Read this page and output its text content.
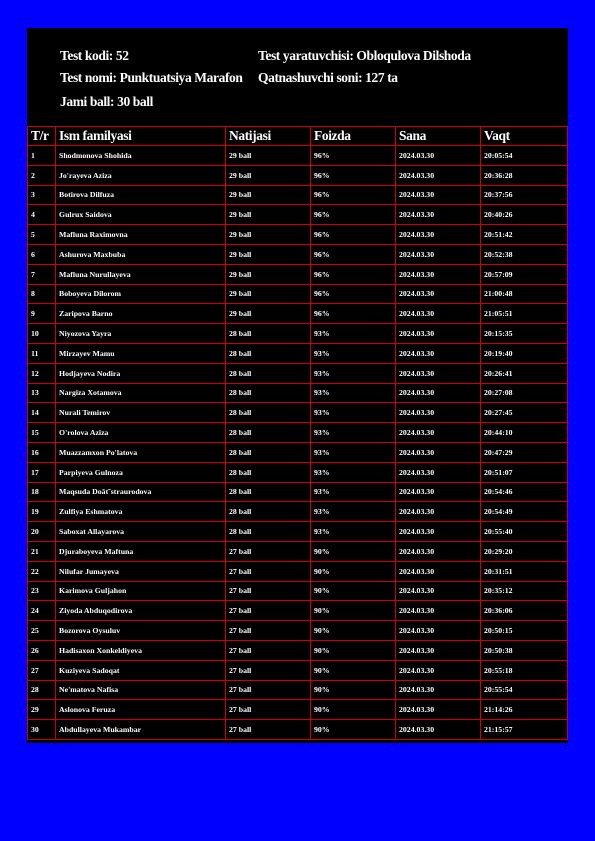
Test kodi: 52
Test nomi: Punktuatsiya Marafon
Jami ball: 30 ball
Test yaratuvchisi: Obloqulova Dilshoda
Qatnashuvchi soni: 127 ta
T/r	Ism familyasi	Natijasi	Foizda	Sana	Vaqt
1	Shodmonova Shohida	29 ball	96%	2024.03.30	20:05:54
2	Jo'rayeva Aziza	29 ball	96%	2024.03.30	20:36:28
3	Botirova Dilfuza	29 ball	96%	2024.03.30	20:37:56
4	Gulrux Saidova	29 ball	96%	2024.03.30	20:40:26
5	Mafluna Raximovna	29 ball	96%	2024.03.30	20:51:42
6	Ashurova Maxbuba	29 ball	96%	2024.03.30	20:52:38
7	Mafluna Nurullayeva	29 ball	96%	2024.03.30	20:57:09
8	Boboyeva Dilorom	29 ball	96%	2024.03.30	21:00:48
9	Zaripova Barno	29 ball	96%	2024.03.30	21:05:51
10	Niyozova Yayra	28 ball	93%	2024.03.30	20:15:35
11	Mirzayev Mamu	28 ball	93%	2024.03.30	20:19:40
12	Hodjayeva Nodira	28 ball	93%	2024.03.30	20:26:41
13	Nargiza Xotamova	28 ball	93%	2024.03.30	20:27:08
14	Nurali Temirov	28 ball	93%	2024.03.30	20:27:45
15	O'rolova Aziza	28 ball	93%	2024.03.30	20:44:10
16	Muazzamxon Po'latova	28 ball	93%	2024.03.30	20:47:29
17	Parpiyeva Gulnoza	28 ball	93%	2024.03.30	20:51:07
18	Maqsuda Doãt˜straurodova	28 ball	93%	2024.03.30	20:54:46
19	Zulfiya Eshmatova	28 ball	93%	2024.03.30	20:54:49
20	Saboxat Allayarova	28 ball	93%	2024.03.30	20:55:40
21	Djuraboyeva Maftuna	27 ball	90%	2024.03.30	20:29:20
22	Nilufar Jumayeva	27 ball	90%	2024.03.30	20:31:51
23	Karimova Guljahon	27 ball	90%	2024.03.30	20:35:12
24	Ziyoda Abduqodirova	27 ball	90%	2024.03.30	20:36:06
25	Bozorova Oysuluv	27 ball	90%	2024.03.30	20:50:15
26	Hadisaxon Xonkeldiyeva	27 ball	90%	2024.03.30	20:50:38
27	Kuziyeva Sadoqat	27 ball	90%	2024.03.30	20:55:18
28	Ne'matova Nafisa	27 ball	90%	2024.03.30	20:55:54
29	Aslonova Feruza	27 ball	90%	2024.03.30	21:14:26
30	Abdullayeva Mukambar	27 ball	90%	2024.03.30	21:15:57
